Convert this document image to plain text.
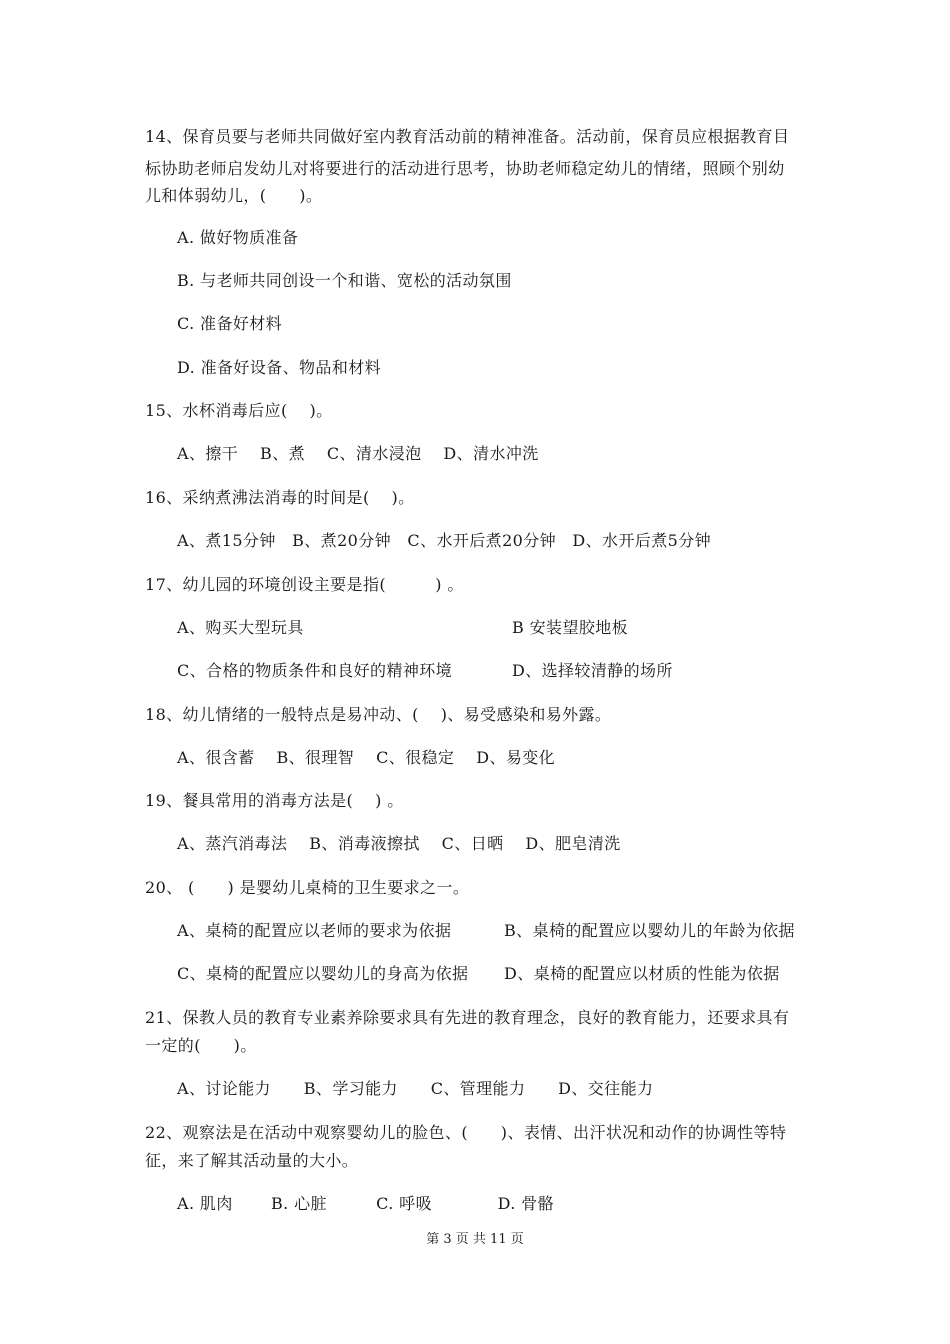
14、保育员要与老师共同做好室内教育活动前的精神准备。活动前，保育员应根据教育目
标协助老师启发幼儿对将要进行的活动进行思考，协助老师稳定幼儿的情绪，照顾个别幼
儿和体弱幼儿，(　　)。
A. 做好物质准备
B. 与老师共同创设一个和谐、宽松的活动氛围
C. 准备好材料
D. 准备好设备、物品和材料
15、水杯消毒后应(　 )。
A、擦干　 B、煮　 C、清水浸泡　 D、清水冲洗
16、采纳煮沸法消毒的时间是(　 )。
A、煮15分钟　B、煮20分钟　C、水开后煮20分钟　D、水开后煮5分钟
17、幼儿园的环境创设主要是指(　　　) 。
A、购买大型玩具	B 安装望胶地板
C、合格的物质条件和良好的精神环境	D、选择较清静的场所
18、幼儿情绪的一般特点是易冲动、(　 )、易受感染和易外露。
A、很含蓄　 B、很理智　 C、很稳定　 D、易变化
19、餐具常用的消毒方法是(　 ) 。
A、蒸汽消毒法　 B、消毒液擦拭　 C、日晒　 D、肥皂清洗
20、 (　　) 是婴幼儿桌椅的卫生要求之一。
A、桌椅的配置应以老师的要求为依据	B、桌椅的配置应以婴幼儿的年龄为依据
C、桌椅的配置应以婴幼儿的身高为依据 D、桌椅的配置应以材质的性能为依据
21、保教人员的教育专业素养除要求具有先进的教育理念，良好的教育能力，还要求具有
一定的(　　)。
A、讨论能力　　B、学习能力　　C、管理能力　　D、交往能力
22、观察法是在活动中观察婴幼儿的脸色、(　　)、表情、出汗状况和动作的协调性等特
征，来了解其活动量的大小。
A. 肌肉　　 B. 心脏　　　C. 呼吸　　　　D. 骨骼
第 3 页 共 11 页
